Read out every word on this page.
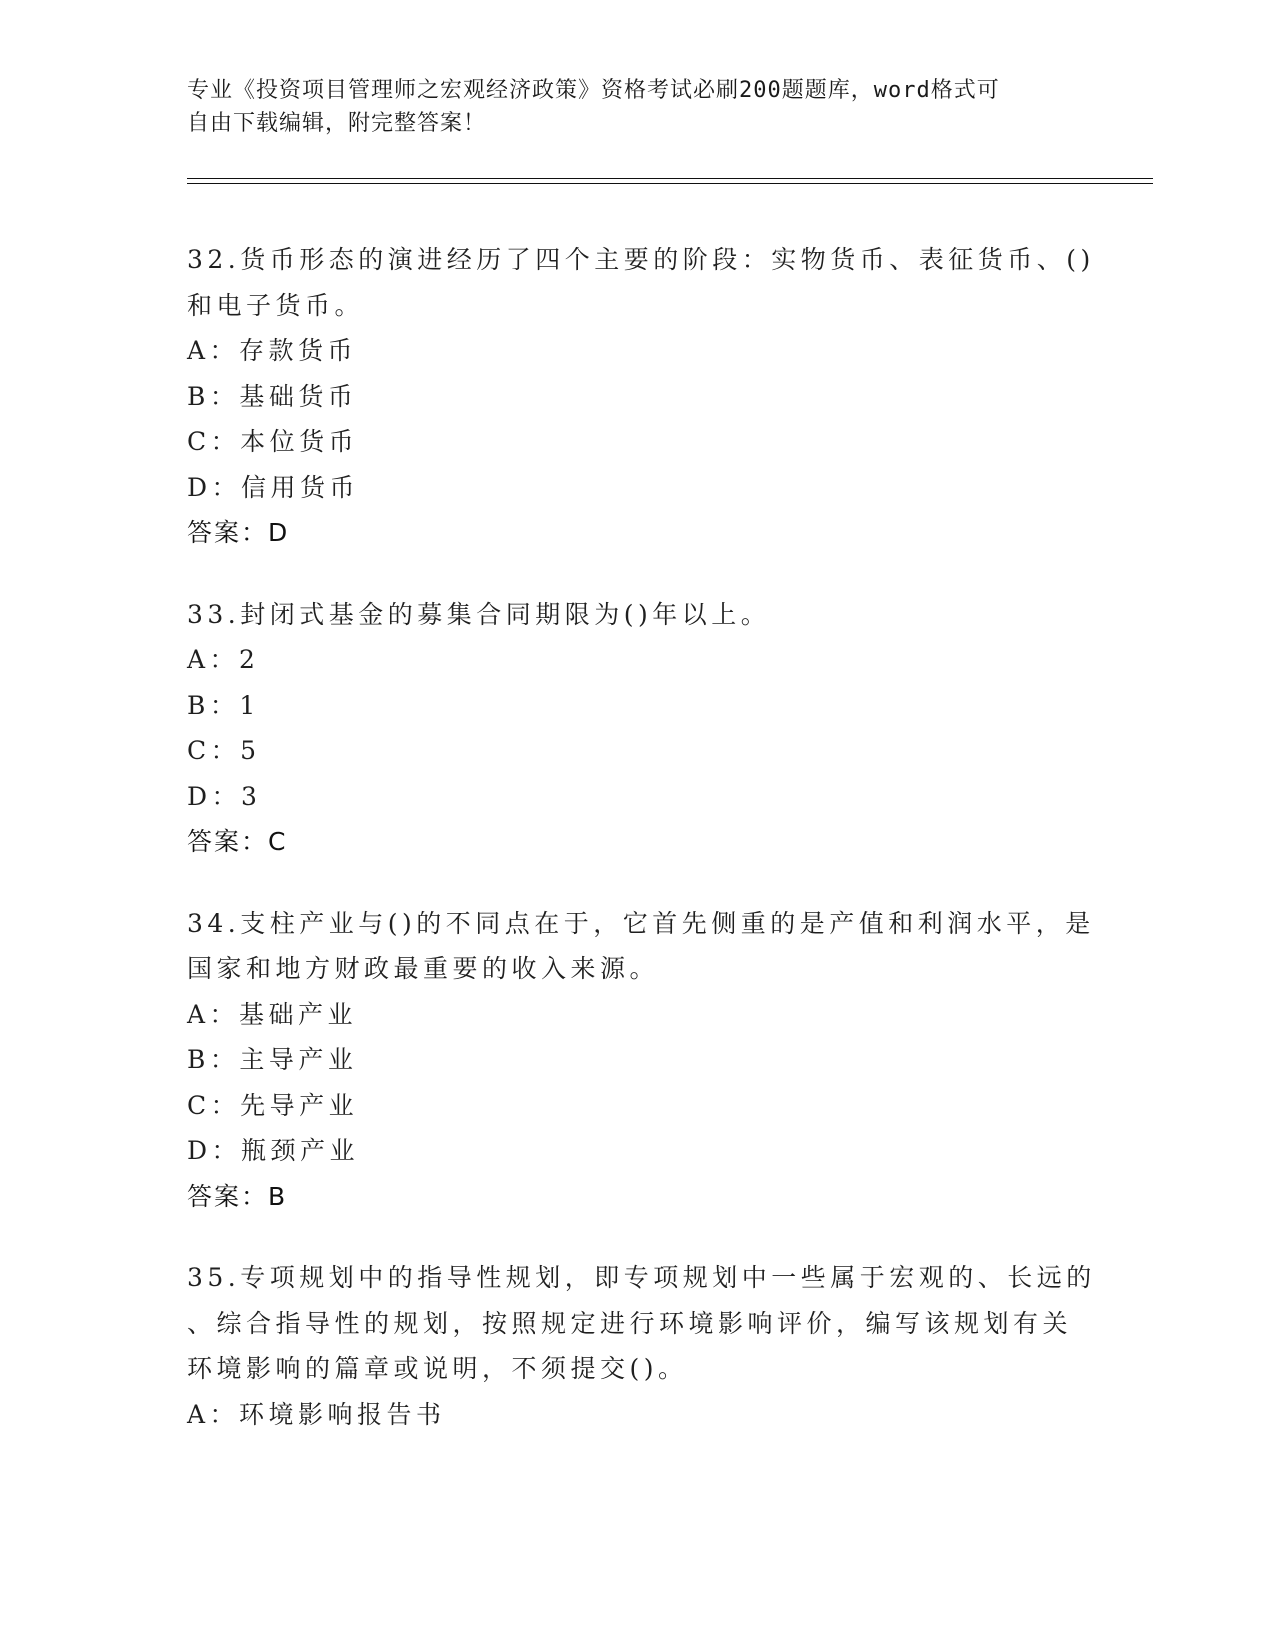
专业《投资项目管理师之宏观经济政策》资格考试必刷200题题库，word格式可
自由下载编辑，附完整答案！
32.货币形态的演进经历了四个主要的阶段：实物货币、表征货币、()
和电子货币。
A：存款货币
B：基础货币
C：本位货币
D：信用货币
答案：D
33.封闭式基金的募集合同期限为()年以上。
A：2
B：1
C：5
D：3
答案：C
34.支柱产业与()的不同点在于，它首先侧重的是产值和利润水平，是
国家和地方财政最重要的收入来源。
A：基础产业
B：主导产业
C：先导产业
D：瓶颈产业
答案：B
35.专项规划中的指导性规划，即专项规划中一些属于宏观的、长远的
、综合指导性的规划，按照规定进行环境影响评价，编写该规划有关
环境影响的篇章或说明，不须提交()。
A：环境影响报告书
